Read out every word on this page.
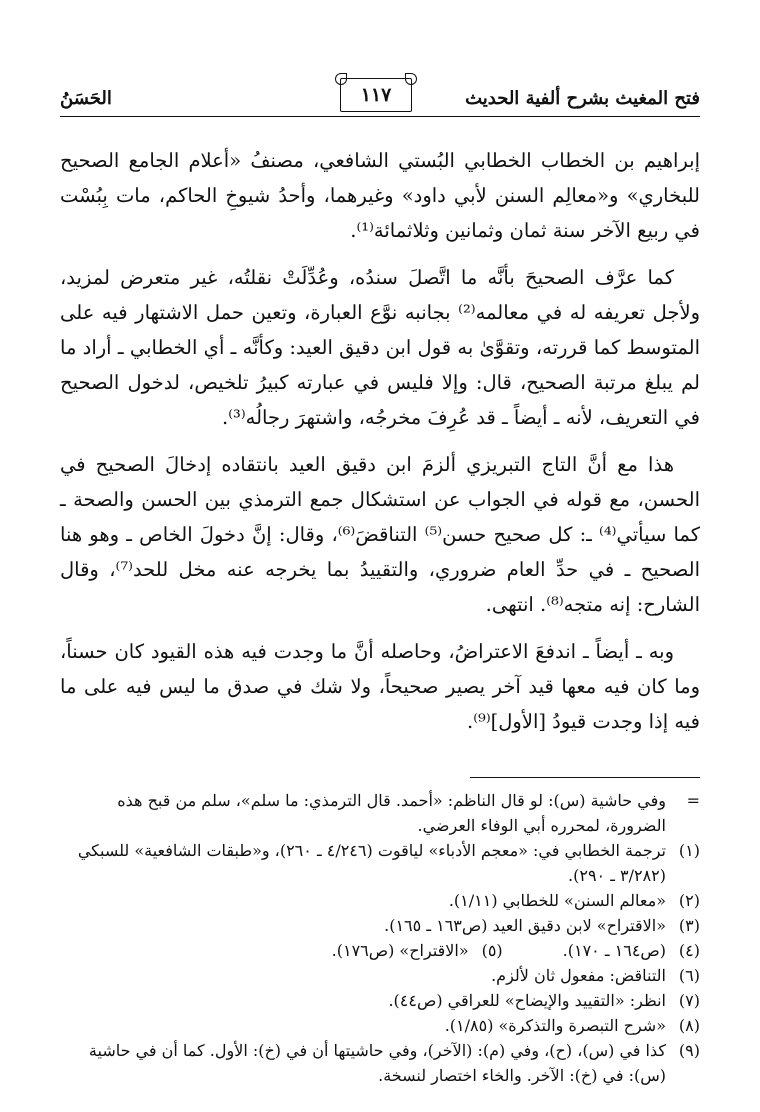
فتح المغيث بشرح ألفية الحديث
١١٧
الحَسَنُ

إبراهيم بن الخطاب الخطابي البُستي الشافعي، مصنفُ «أعلام الجامع الصحيح للبخاري» و«معالِم السنن لأبي داود» وغيرهما، وأحدُ شيوخِ الحاكم، مات بِبُسْت في ربيع الآخر سنة ثمان وثمانين وثلاثمائة⁽¹⁾.

كما عرَّف الصحيحَ بأنَّه ما اتَّصلَ سندُه، وعُدِّلَتْ نقلتُه، غير متعرض لمزيد، ولأجل تعريفه له في معالمه⁽²⁾ بجانبه نوَّع العبارة، وتعين حمل الاشتهار فيه على المتوسط كما قررته، وتقوَّىٰ به قول ابن دقيق العيد: وكأنَّه ـ أي الخطابي ـ أراد ما لم يبلغ مرتبة الصحيح، قال: وإلا فليس في عبارته كبيرُ تلخيص، لدخول الصحيح في التعريف، لأنه ـ أيضاً ـ قد عُرِفَ مخرجُه، واشتهرَ رجالُه⁽³⁾.

هذا مع أنَّ التاج التبريزي ألزمَ ابن دقيق العيد بانتقاده إدخالَ الصحيح في الحسن، مع قوله في الجواب عن استشكال جمع الترمذي بين الحسن والصحة ـ كما سيأتي⁽⁴⁾ ـ: كل صحيح حسن⁽⁵⁾ التناقضَ⁽⁶⁾، وقال: إنَّ دخولَ الخاص ـ وهو هنا الصحيح ـ في حدِّ العام ضروري، والتقييدُ بما يخرجه عنه مخل للحد⁽⁷⁾، وقال الشارح: إنه متجه⁽⁸⁾. انتهى.

وبه ـ أيضاً ـ اندفعَ الاعتراضُ، وحاصله أنَّ ما وجدت فيه هذه القيود كان حسناً، وما كان فيه معها قيد آخر يصير صحيحاً، ولا شك في صدق ما ليس فيه على ما فيه إذا وجدت قيودُ [الأول]⁽⁹⁾.

=
وفي حاشية (س): لو قال الناظم: «أحمد. قال الترمذي: ما سلم»، سلم من قبح هذه الضرورة، لمحرره أبي الوفاء العرضي.
(١)
ترجمة الخطابي في: «معجم الأدباء» لياقوت (٤/٢٤٦ ـ ٢٦٠)، و«طبقات الشافعية» للسبكي (٣/٢٨٢ ـ ٢٩٠).
(٢)
«معالم السنن» للخطابي (١/١١).
(٣)
«الاقتراح» لابن دقيق العيد (ص١٦٣ ـ ١٦٥).
(٤)
(ص١٦٤ ـ ١٧٠).
(٥)
«الاقتراح» (ص١٧٦).
(٦)
التناقض: مفعول ثان لألزم.
(٧)
انظر: «التقييد والإيضاح» للعراقي (ص٤٤).
(٨)
«شرح التبصرة والتذكرة» (١/٨٥).
(٩)
كذا في (س)، (ح)، وفي (م): (الآخر)، وفي حاشيتها أن في (خ): الأول. كما أن في حاشية (س): في (خ): الآخر. والخاء اختصار لنسخة.
